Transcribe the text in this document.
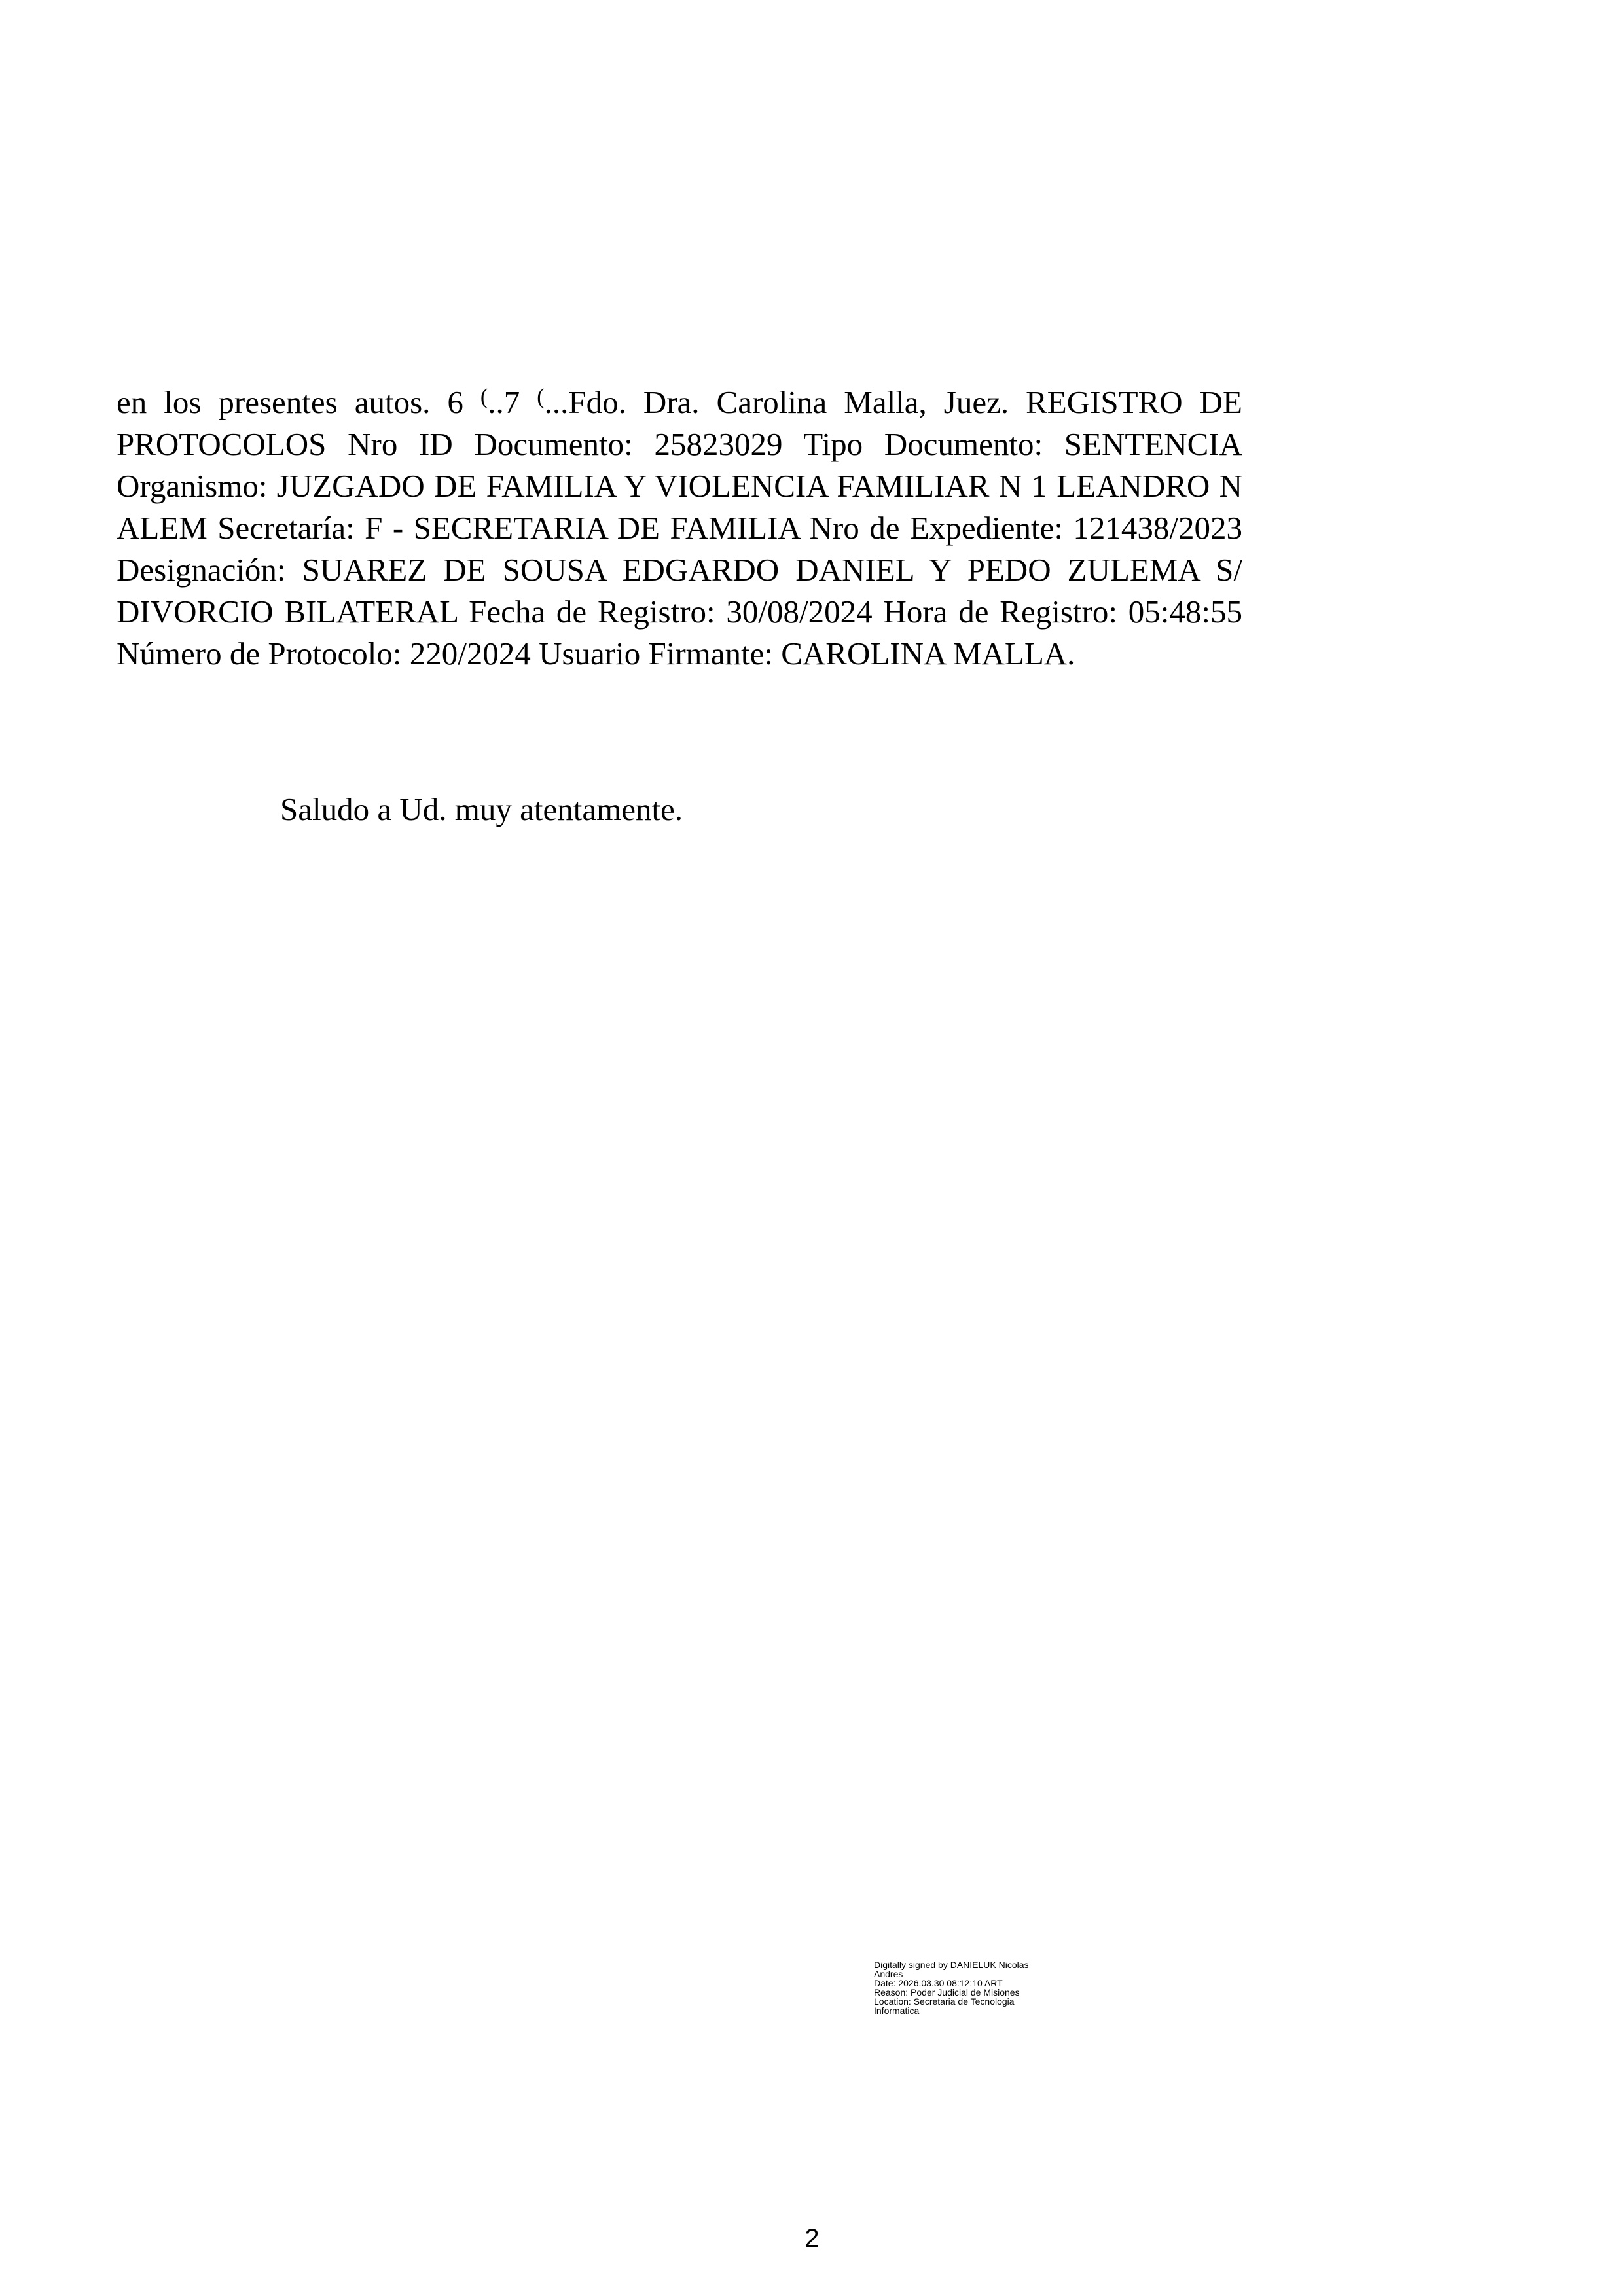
en los presentes autos. 6 (..7 (...Fdo. Dra. Carolina Malla, Juez. REGISTRO DE PROTOCOLOS Nro ID Documento: 25823029 Tipo Documento: SENTENCIA Organismo: JUZGADO DE FAMILIA Y VIOLENCIA FAMILIAR N 1 LEANDRO N ALEM Secretaría: F - SECRETARIA DE FAMILIA Nro de Expediente: 121438/2023 Designación: SUAREZ DE SOUSA EDGARDO DANIEL Y PEDO ZULEMA S/ DIVORCIO BILATERAL Fecha de Registro: 30/08/2024 Hora de Registro: 05:48:55 Número de Protocolo: 220/2024 Usuario Firmante: CAROLINA MALLA.

Saludo a Ud. muy atentamente.

Digitally signed by DANIELUK Nicolas
Andres
Date: 2026.03.30 08:12:10 ART
Reason: Poder Judicial de Misiones
Location: Secretaria de Tecnologia
Informatica
2
